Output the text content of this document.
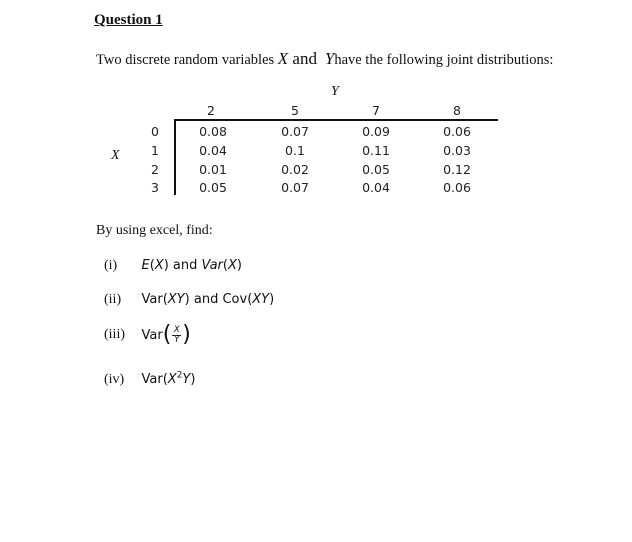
Question 1
Two discrete random variables X and  Yhave the following joint distributions:
Y
X
2	5	7	8
0	0.08	0.07	0.09	0.06
1	0.04	0.1	0.11	0.03
2	0.01	0.02	0.05	0.12
3	0.05	0.07	0.04	0.06
By using excel, find:
(i) E(X) and Var(X)
(ii) Var(XY) and Cov(XY)
(iii) Var ( $\frac{X}{Y}$ )
(iv) $Var(X^2Y)$
